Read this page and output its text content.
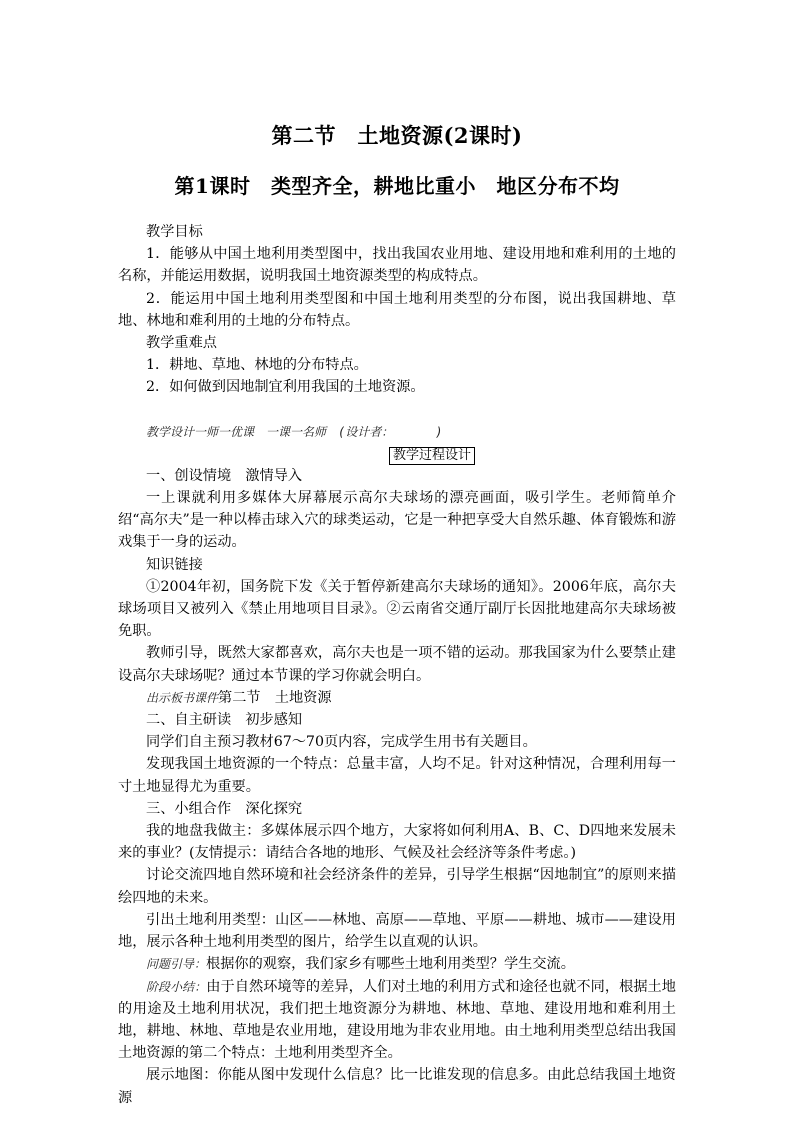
第二节　土地资源(2课时)
第1课时　类型齐全，耕地比重小　地区分布不均

教学目标

1．能够从中国土地利用类型图中，找出我国农业用地、建设用地和难利用的土地的名称，并能运用数据，说明我国土地资源类型的构成特点。

2．能运用中国土地利用类型图和中国土地利用类型的分布图，说出我国耕地、草地、林地和难利用的土地的分布特点。

教学重难点

1．耕地、草地、林地的分布特点。

2．如何做到因地制宜利用我国的土地资源。

教学设计一师一优课　一课一名师　(设计者：　　　　)

教学过程设计

一、创设情境　激情导入

一上课就利用多媒体大屏幕展示高尔夫球场的漂亮画面，吸引学生。老师简单介绍“高尔夫”是一种以棒击球入穴的球类运动，它是一种把享受大自然乐趣、体育锻炼和游戏集于一身的运动。

知识链接

①2004年初，国务院下发《关于暂停新建高尔夫球场的通知》。2006年底，高尔夫球场项目又被列入《禁止用地项目目录》。②云南省交通厅副厅长因批地建高尔夫球场被免职。

教师引导，既然大家都喜欢，高尔夫也是一项不错的运动。那我国家为什么要禁止建设高尔夫球场呢？通过本节课的学习你就会明白。

出示板书课件第二节　土地资源

二、自主研读　初步感知

同学们自主预习教材67～70页内容，完成学生用书有关题目。

发现我国土地资源的一个特点：总量丰富，人均不足。针对这种情况，合理利用每一寸土地显得尤为重要。

三、小组合作　深化探究

我的地盘我做主：多媒体展示四个地方，大家将如何利用A、B、C、D四地来发展未来的事业？(友情提示：请结合各地的地形、气候及社会经济等条件考虑。)

讨论交流四地自然环境和社会经济条件的差异，引导学生根据“因地制宜”的原则来描绘四地的未来。

引出土地利用类型：山区——林地、高原——草地、平原——耕地、城市——建设用地，展示各种土地利用类型的图片，给学生以直观的认识。

问题引导：根据你的观察，我们家乡有哪些土地利用类型？学生交流。

阶段小结：由于自然环境等的差异，人们对土地的利用方式和途径也就不同，根据土地的用途及土地利用状况，我们把土地资源分为耕地、林地、草地、建设用地和难利用土地，耕地、林地、草地是农业用地，建设用地为非农业用地。由土地利用类型总结出我国土地资源的第二个特点：土地利用类型齐全。

展示地图：你能从图中发现什么信息？比一比谁发现的信息多。由此总结我国土地资源
